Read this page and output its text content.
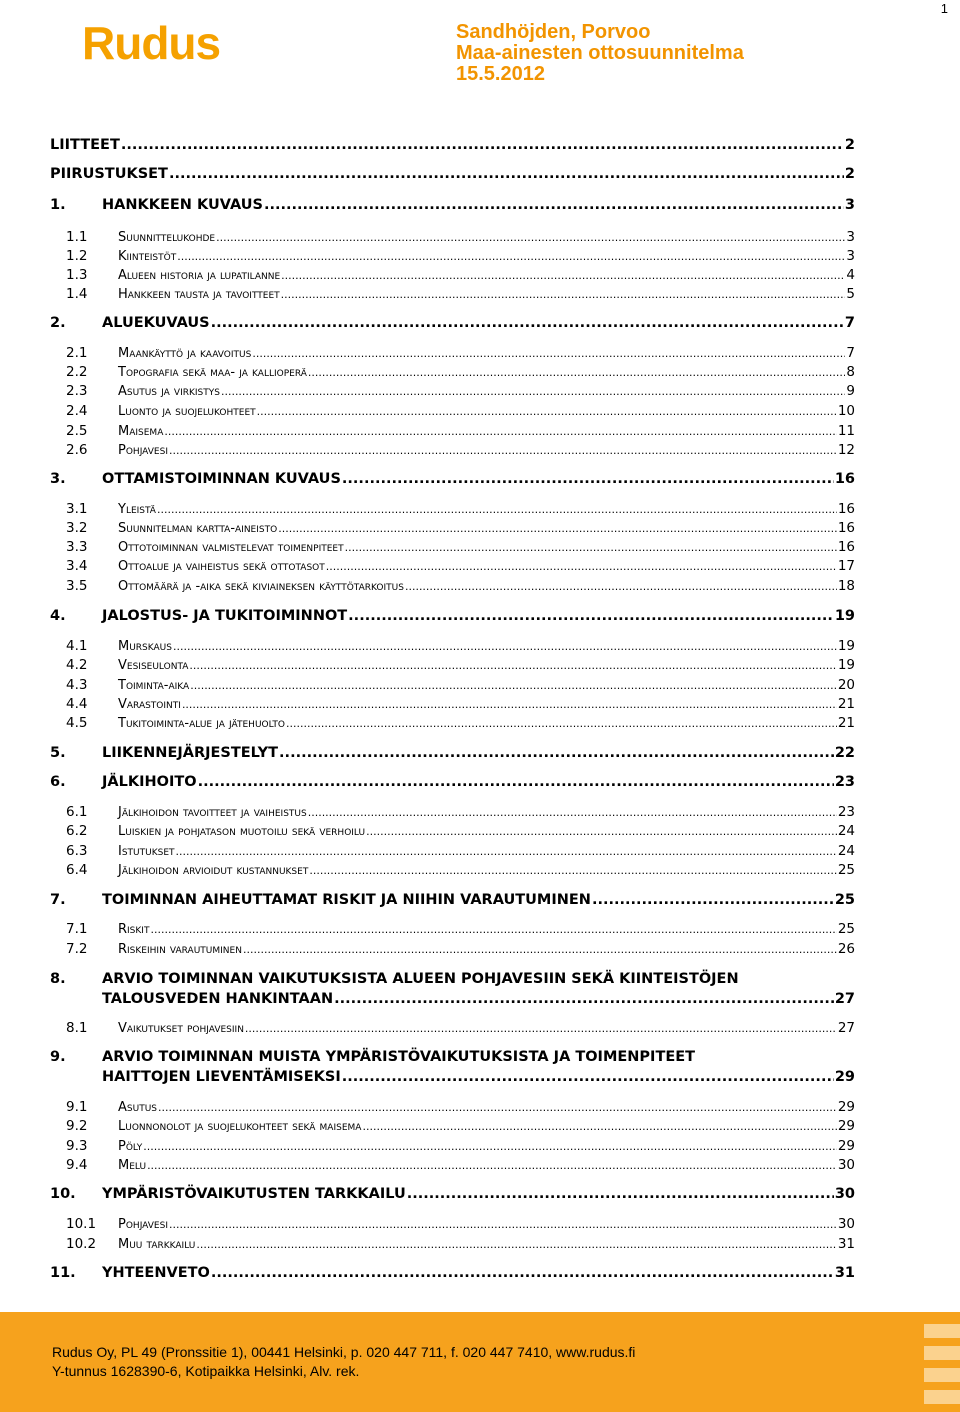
1
Rudus	Sandhöjden, Porvoo
Maa-ainesten ottosuunnitelma
15.5.2012
LIITTEET .....	2
PIIRUSTUKSET .....	2
1.	HANKKEEN KUVAUS .....	3
1.1	Suunnittelukohde .....	3
1.2	Kiinteistöt .....	3
1.3	Alueen historia ja lupatilanne .....	4
1.4	Hankkeen tausta ja tavoitteet .....	5
2.	ALUEKUVAUS .....	7
2.1	Maankäyttö ja kaavoitus .....	7
2.2	Topografia sekä maa- ja kallioperä .....	8
2.3	Asutus ja virkistys .....	9
2.4	Luonto ja suojelukohteet .....	10
2.5	Maisema .....	11
2.6	Pohjavesi .....	12
3.	OTTAMISTOIMINNAN KUVAUS .....	16
3.1	Yleistä .....	16
3.2	Suunnitelman kartta-aineisto .....	16
3.3	Ottotoiminnan valmistelevat toimenpiteet .....	16
3.4	Ottoalue ja vaiheistus sekä ottotasot .....	17
3.5	Ottomäärä ja -aika sekä kiviaineksen käyttötarkoitus .....	18
4.	JALOSTUS- JA TUKITOIMINNOT .....	19
4.1	Murskaus .....	19
4.2	Vesiseulonta .....	19
4.3	Toiminta-aika .....	20
4.4	Varastointi .....	21
4.5	Tukitoiminta-alue ja jätehuolto .....	21
5.	LIIKENNEJÄRJESTELYT .....	22
6.	JÄLKIHOITO .....	23
6.1	Jälkihoidon tavoitteet ja vaiheistus .....	23
6.2	Luiskien ja pohjatason muotoilu sekä verhoilu .....	24
6.3	Istutukset .....	24
6.4	Jälkihoidon arvioidut kustannukset .....	25
7.	TOIMINNAN AIHEUTTAMAT RISKIT JA NIIHIN VARAUTUMINEN .....	25
7.1	Riskit .....	25
7.2	Riskeihin varautuminen .....	26
8.	ARVIO TOIMINNAN VAIKUTUKSISTA ALUEEN POHJAVESIIN SEKÄ KIINTEISTÖJEN
TALOUSVEDEN HANKINTAAN .....	27
8.1	Vaikutukset pohjavesiin .....	27
9.	ARVIO TOIMINNAN MUISTA YMPÄRISTÖVAIKUTUKSISTA JA TOIMENPITEET
HAITTOJEN LIEVENTÄMISEKSI .....	29
9.1	Asutus .....	29
9.2	Luonnonolot ja suojelukohteet sekä maisema .....	29
9.3	Pöly .....	29
9.4	Melu .....	30
10.	YMPÄRISTÖVAIKUTUSTEN TARKKAILU .....	30
10.1	Pohjavesi .....	30
10.2	Muu tarkkailu .....	31
11.	YHTEENVETO .....	31
Rudus Oy, PL 49 (Pronssitie 1), 00441 Helsinki, p. 020 447 711, f. 020 447 7410, www.rudus.fi
Y-tunnus 1628390-6, Kotipaikka Helsinki, Alv. rek.
